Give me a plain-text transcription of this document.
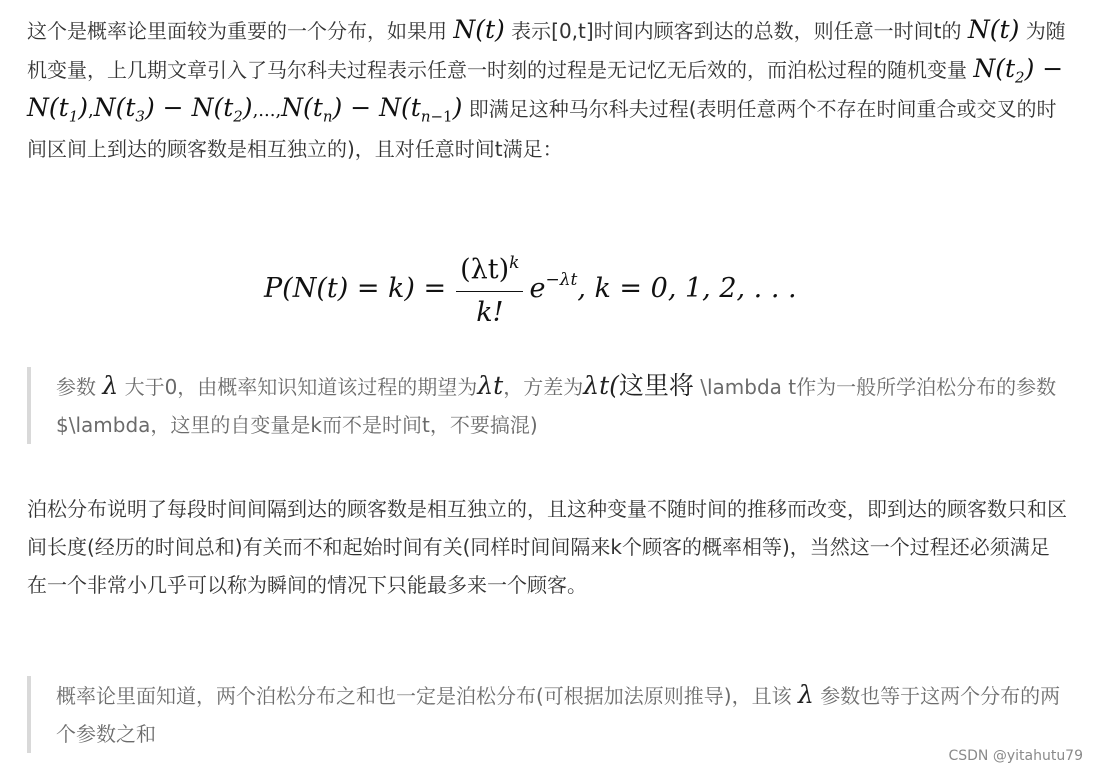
这个是概率论里面较为重要的一个分布，如果用 N(t) 表示[0,t]时间内顾客到达的总数，则任意一时间t的 N(t) 为随机变量，上几期文章引入了马尔科夫过程表示任意一时刻的过程是无记忆无后效的，而泊松过程的随机变量 $N(t_2) - N(t_1),N(t_3) - N(t_2),...,N(t_n) - N(t_{n-1})$ 即满足这种马尔科夫过程(表明任意两个不存在时间重合或交叉的时间区间上到达的顾客数是相互独立的)，且对任意时间t满足：

$P(N(t) = k) = \frac{(\lambda t)^k}{k!} e^{-\lambda t}$ , k = 0, 1, 2, . . .

参数 λ 大于0，由概率知识知道该过程的期望为λt，方差为λt(这里将 \lambda t作为一般所学泊松分布的参数$\lambda，这里的自变量是k而不是时间t，不要搞混)

泊松分布说明了每段时间间隔到达的顾客数是相互独立的，且这种变量不随时间的推移而改变，即到达的顾客数只和区间长度(经历的时间总和)有关而不和起始时间有关(同样时间间隔来k个顾客的概率相等)，当然这一个过程还必须满足在一个非常小几乎可以称为瞬间的情况下只能最多来一个顾客。

概率论里面知道，两个泊松分布之和也一定是泊松分布(可根据加法原则推导)，且该 λ 参数也等于这两个分布的两个参数之和

CSDN @yitahutu79
